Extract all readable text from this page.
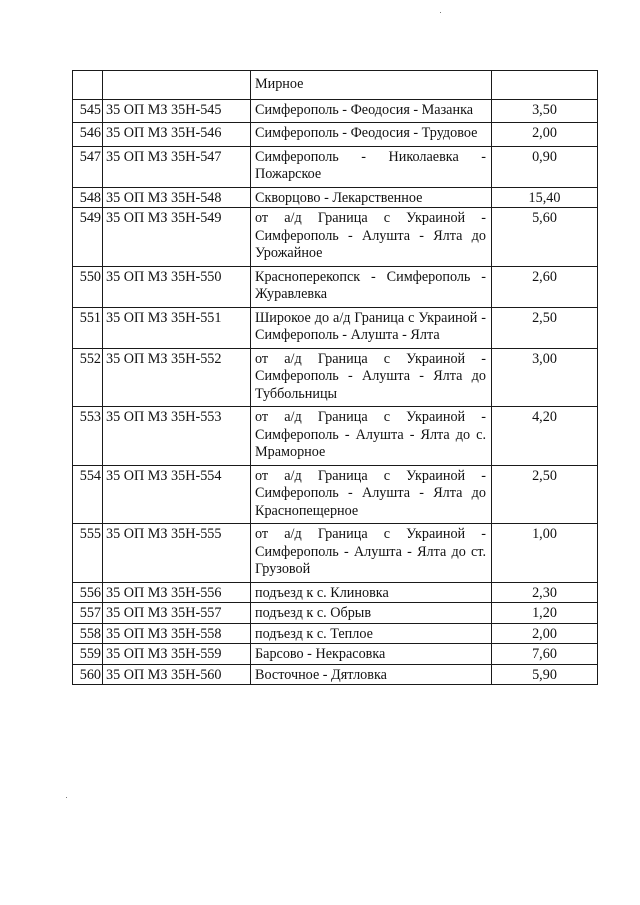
		Мирное	
545	35 ОП МЗ 35Н-545	Симферополь - Феодосия - Мазанка	3,50
546	35 ОП МЗ 35Н-546	Симферополь - Феодосия - Трудовое	2,00
547	35 ОП МЗ 35Н-547	Симферополь - Николаевка - Пожарское	0,90
548	35 ОП МЗ 35Н-548	Скворцово - Лекарственное	15,40
549	35 ОП МЗ 35Н-549	от а/д Граница с Украиной - Симферополь - Алушта - Ялта до Урожайное	5,60
550	35 ОП МЗ 35Н-550	Красноперекопск - Симферополь - Журавлевка	2,60
551	35 ОП МЗ 35Н-551	Широкое до а/д Граница с Украиной - Симферополь - Алушта - Ялта	2,50
552	35 ОП МЗ 35Н-552	от а/д Граница с Украиной - Симферополь - Алушта - Ялта до Туббольницы	3,00
553	35 ОП МЗ 35Н-553	от а/д Граница с Украиной - Симферополь - Алушта - Ялта до с. Мраморное	4,20
554	35 ОП МЗ 35Н-554	от а/д Граница с Украиной - Симферополь - Алушта - Ялта до Краснопещерное	2,50
555	35 ОП МЗ 35Н-555	от а/д Граница с Украиной - Симферополь - Алушта - Ялта до ст. Грузовой	1,00
556	35 ОП МЗ 35Н-556	подъезд к с. Клиновка	2,30
557	35 ОП МЗ 35Н-557	подъезд к с. Обрыв	1,20
558	35 ОП МЗ 35Н-558	подъезд к с. Теплое	2,00
559	35 ОП МЗ 35Н-559	Барсово - Некрасовка	7,60
560	35 ОП МЗ 35Н-560	Восточное - Дятловка	5,90
